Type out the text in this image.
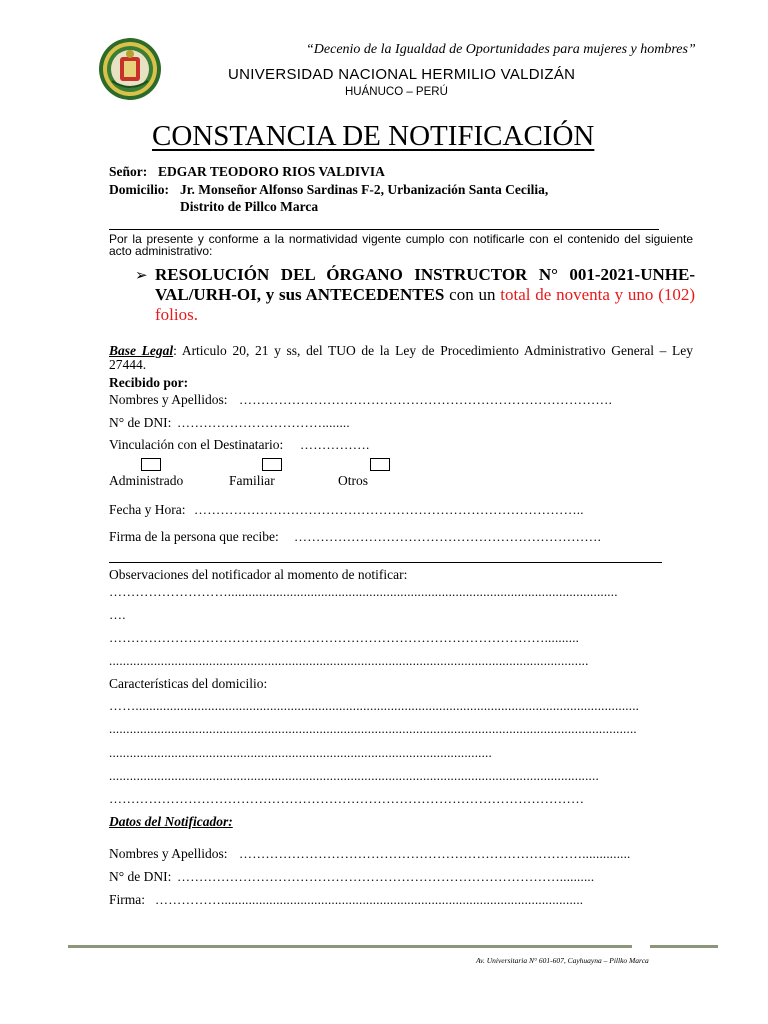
“Decenio de la Igualdad de Oportunidades para mujeres y hombres”
UNIVERSIDAD NACIONAL HERMILIO VALDIZÁN
HUÁNUCO – PERÚ
CONSTANCIA DE NOTIFICACIÓN
Señor: EDGAR TEODORO RIOS VALDIVIA
Domicilio: Jr. Monseñor Alfonso Sardinas F-2, Urbanización Santa Cecilia,
Distrito de Pillco Marca
Por la presente y conforme a la normatividad vigente cumplo con notificarle con el contenido del siguiente acto administrativo:
➢ RESOLUCIÓN DEL ÓRGANO INSTRUCTOR N° 001-2021-UNHE-VAL/URH-OI, y sus ANTECEDENTES con un total de noventa y uno (102) folios.
Base Legal: Articulo 20, 21 y ss, del TUO de la Ley de Procedimiento Administrativo General – Ley 27444.
Recibido por:
Nombres y Apellidos: ………………………………………………………………………….
N° de DNI: ……………………………........
Vinculación con el Destinatario: …………….
Administrado	Familiar	Otros
Fecha y Hora: ……………………………………………………………………………..
Firma de la persona que recibe: …………………………………………………………….
Observaciones del notificador al momento de notificar:
……………………….................................................................................................................
….
………………………………………………………………………………………..........
...........................................................................................................................................
Características del domicilio:
……..................................................................................................................................................
.........................................................................................................................................................
...............................................................................................................
..............................................................................................................................................
………………………………………………………………………………………………
Datos del Notificador:
Nombres y Apellidos: ……………………………………………………………………..............
N° de DNI: ……………………………………………………………………………..........
Firma: …………….........................................................................................................
Av. Universitaria N° 601-607, Cayhuayna – Pillko Marca
